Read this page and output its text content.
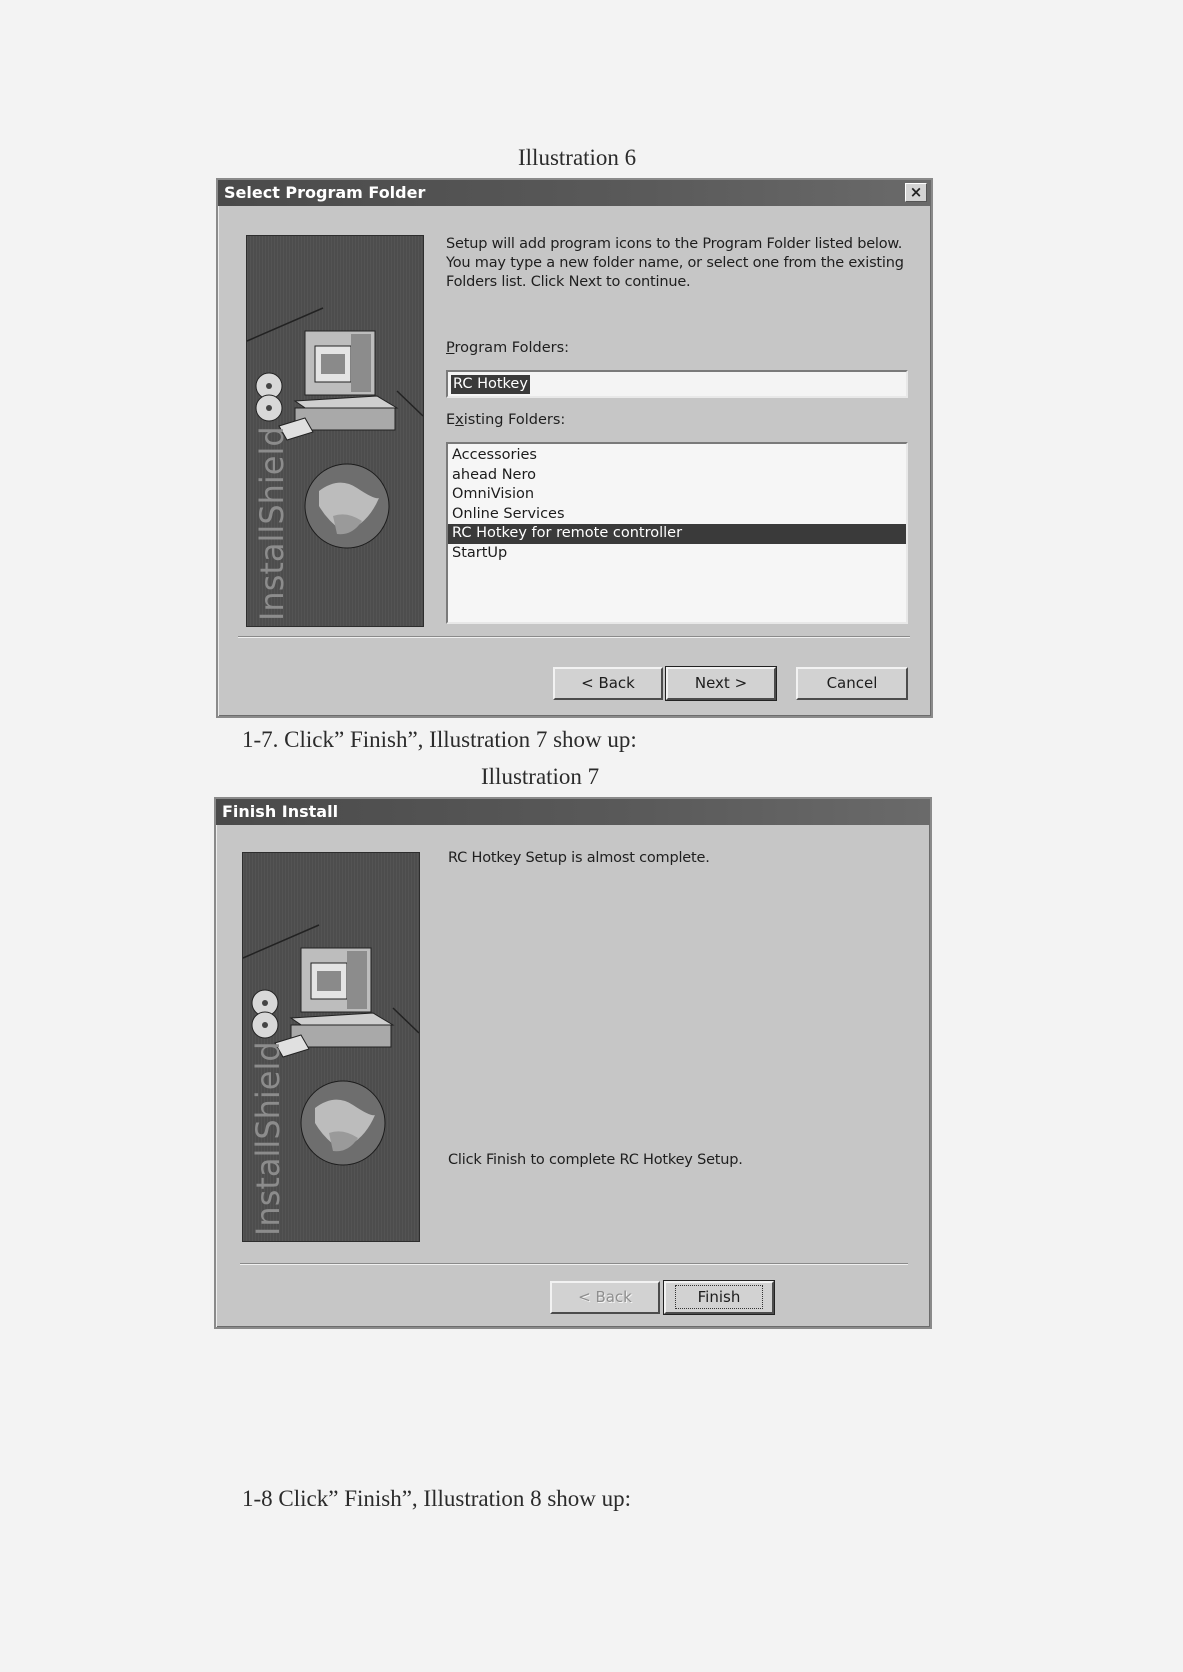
Illustration 6
Select Program Folder	×
InstallShield
Setup will add program icons to the Program Folder listed below. You may type a new folder name, or select one from the existing Folders list. Click Next to continue.
Program Folders:
RC Hotkey
Existing Folders:
Accessories
ahead Nero
OmniVision
Online Services
RC Hotkey for remote controller
StartUp
< Back	Next >	Cancel
1-7. Click” Finish”, Illustration 7 show up:
Illustration 7
Finish Install
InstallShield
RC Hotkey Setup is almost complete.
Click Finish to complete RC Hotkey Setup.
< Back	Finish
1-8 Click” Finish”, Illustration 8 show up:
